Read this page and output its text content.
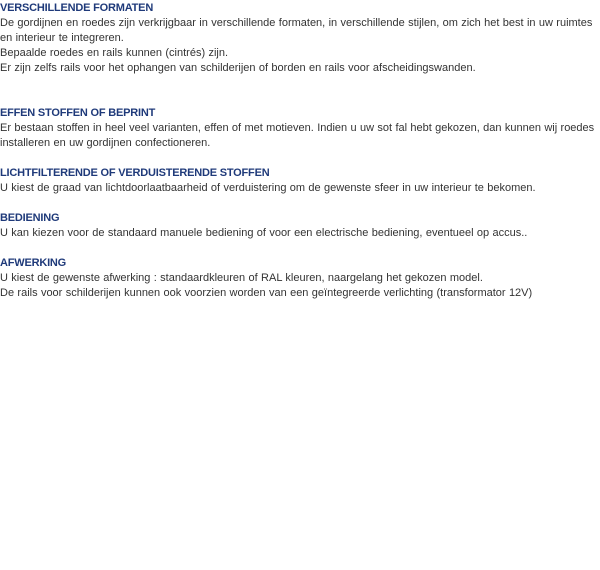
VERSCHILLENDE FORMATEN

De gordijnen en roedes zijn verkrijgbaar in verschillende formaten, in verschillende stijlen, om zich het best in uw ruimtes en interieur te integreren.

Bepaalde roedes en rails kunnen (cintrés) zijn.

Er zijn zelfs rails voor het ophangen van schilderijen of borden en rails voor afscheidingswanden.

EFFEN STOFFEN OF BEPRINT

Er bestaan stoffen in heel veel varianten, effen of met motieven. Indien u uw sot fal hebt gekozen, dan kunnen wij roedes installeren en uw gordijnen confectioneren.

LICHTFILTERENDE OF VERDUISTERENDE STOFFEN

U kiest de graad van lichtdoorlaatbaarheid of verduistering om de gewenste sfeer in uw interieur te bekomen.

BEDIENING

U kan kiezen voor de standaard manuele bediening of voor een electrische bediening, eventueel op accus..

AFWERKING

U kiest de gewenste afwerking : standaardkleuren of RAL kleuren, naargelang het gekozen model.

De rails voor schilderijen kunnen ook voorzien worden van een geïntegreerde verlichting (transformator 12V)
